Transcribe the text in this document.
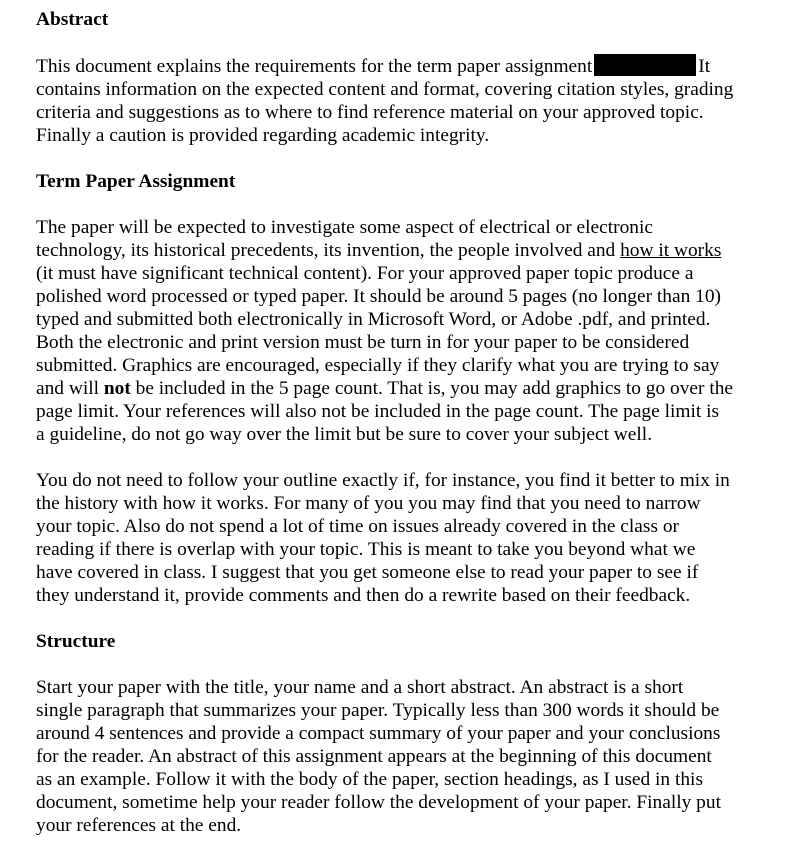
Abstract

This document explains the requirements for the term paper assignment	It
contains information on the expected content and format, covering citation styles, grading
criteria and suggestions as to where to find reference material on your approved topic.
Finally a caution is provided regarding academic integrity.

Term Paper Assignment

The paper will be expected to investigate some aspect of electrical or electronic
technology, its historical precedents, its invention, the people involved and how it works
(it must have significant technical content). For your approved paper topic produce a
polished word processed or typed paper. It should be around 5 pages (no longer than 10)
typed and submitted both electronically in Microsoft Word, or Adobe .pdf, and printed.
Both the electronic and print version must be turn in for your paper to be considered
submitted. Graphics are encouraged, especially if they clarify what you are trying to say
and will not be included in the 5 page count. That is, you may add graphics to go over the
page limit. Your references will also not be included in the page count. The page limit is
a guideline, do not go way over the limit but be sure to cover your subject well.

You do not need to follow your outline exactly if, for instance, you find it better to mix in
the history with how it works. For many of you you may find that you need to narrow
your topic. Also do not spend a lot of time on issues already covered in the class or
reading if there is overlap with your topic. This is meant to take you beyond what we
have covered in class. I suggest that you get someone else to read your paper to see if
they understand it, provide comments and then do a rewrite based on their feedback.

Structure

Start your paper with the title, your name and a short abstract. An abstract is a short
single paragraph that summarizes your paper. Typically less than 300 words it should be
around 4 sentences and provide a compact summary of your paper and your conclusions
for the reader. An abstract of this assignment appears at the beginning of this document
as an example. Follow it with the body of the paper, section headings, as I used in this
document, sometime help your reader follow the development of your paper. Finally put
your references at the end.
